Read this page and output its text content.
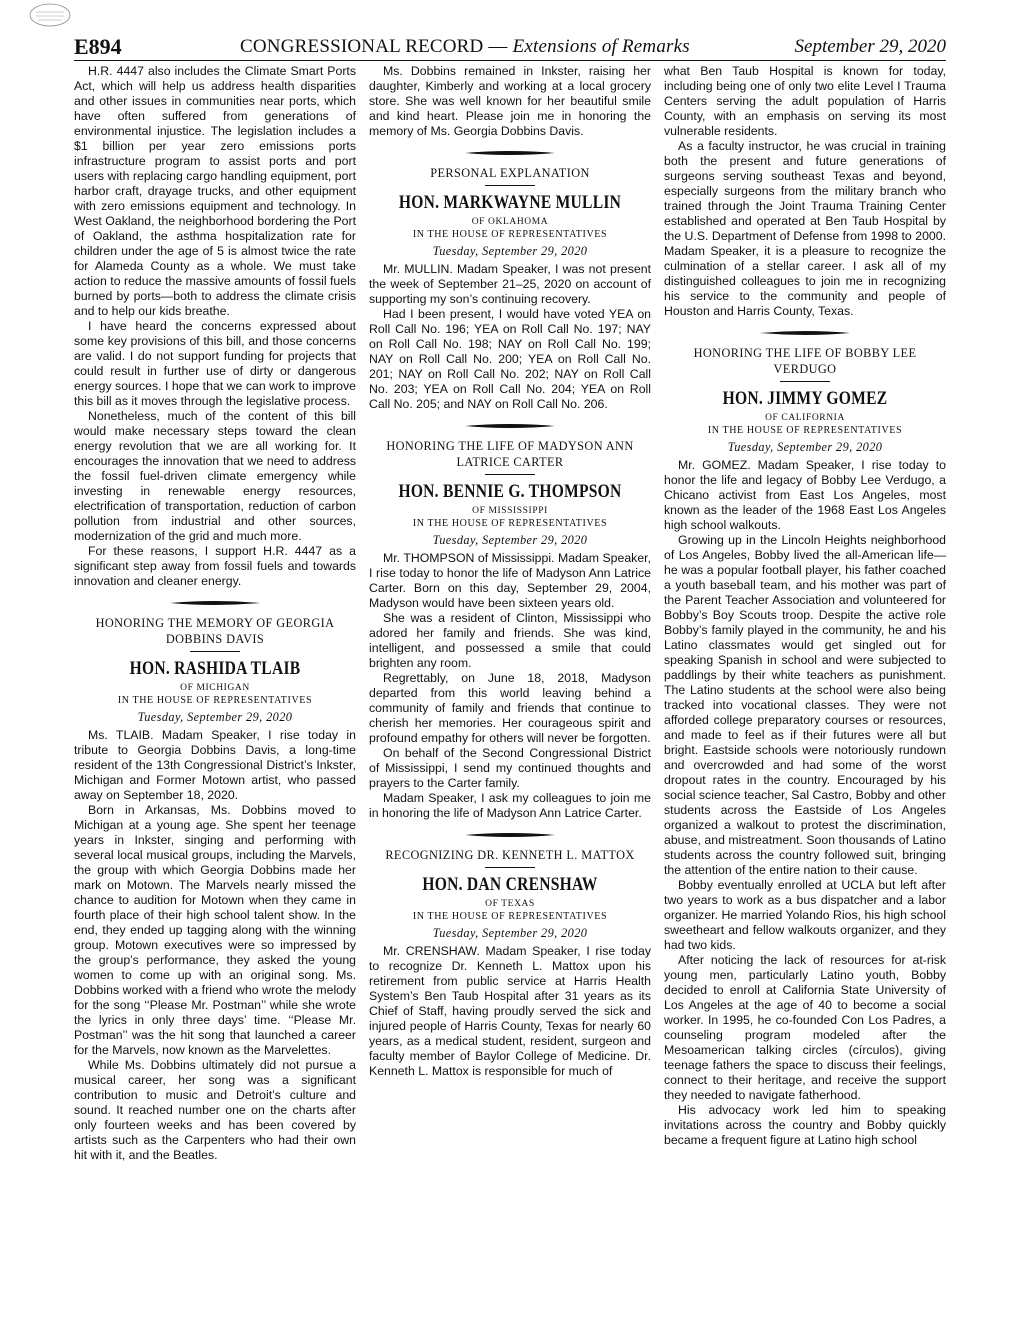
E894	CONGRESSIONAL RECORD — Extensions of Remarks	September 29, 2020

H.R. 4447 also includes the Climate Smart Ports Act, which will help us address health disparities and other issues in communities near ports, which have often suffered from generations of environmental injustice. The legislation includes a $1 billion per year zero emissions ports infrastructure program to assist ports and port users with replacing cargo handling equipment, port harbor craft, drayage trucks, and other equipment with zero emissions equipment and technology. In West Oakland, the neighborhood bordering the Port of Oakland, the asthma hospitalization rate for children under the age of 5 is almost twice the rate for Alameda County as a whole. We must take action to reduce the massive amounts of fossil fuels burned by ports—both to address the climate crisis and to help our kids breathe.

I have heard the concerns expressed about some key provisions of this bill, and those concerns are valid. I do not support funding for projects that could result in further use of dirty or dangerous energy sources. I hope that we can work to improve this bill as it moves through the legislative process.

Nonetheless, much of the content of this bill would make necessary steps toward the clean energy revolution that we are all working for. It encourages the innovation that we need to address the fossil fuel-driven climate emergency while investing in renewable energy resources, electrification of transportation, reduction of carbon pollution from industrial and other sources, modernization of the grid and much more.

For these reasons, I support H.R. 4447 as a significant step away from fossil fuels and towards innovation and cleaner energy.

HONORING THE MEMORY OF GEORGIA DOBBINS DAVIS
HON. RASHIDA TLAIB
OF MICHIGAN
IN THE HOUSE OF REPRESENTATIVES
Tuesday, September 29, 2020

Ms. TLAIB. Madam Speaker, I rise today in tribute to Georgia Dobbins Davis, a long-time resident of the 13th Congressional District’s Inkster, Michigan and Former Motown artist, who passed away on September 18, 2020.

Born in Arkansas, Ms. Dobbins moved to Michigan at a young age. She spent her teenage years in Inkster, singing and performing with several local musical groups, including the Marvels, the group with which Georgia Dobbins made her mark on Motown. The Marvels nearly missed the chance to audition for Motown when they came in fourth place of their high school talent show. In the end, they ended up tagging along with the winning group. Motown executives were so impressed by the group’s performance, they asked the young women to come up with an original song. Ms. Dobbins worked with a friend who wrote the melody for the song ‘‘Please Mr. Postman’’ while she wrote the lyrics in only three days’ time. ‘‘Please Mr. Postman’’ was the hit song that launched a career for the Marvels, now known as the Marvelettes.

While Ms. Dobbins ultimately did not pursue a musical career, her song was a significant contribution to music and Detroit’s culture and sound. It reached number one on the charts after only fourteen weeks and has been covered by artists such as the Carpenters who had their own hit with it, and the Beatles.

Ms. Dobbins remained in Inkster, raising her daughter, Kimberly and working at a local grocery store. She was well known for her beautiful smile and kind heart. Please join me in honoring the memory of Ms. Georgia Dobbins Davis.

PERSONAL EXPLANATION
HON. MARKWAYNE MULLIN
OF OKLAHOMA
IN THE HOUSE OF REPRESENTATIVES
Tuesday, September 29, 2020

Mr. MULLIN. Madam Speaker, I was not present the week of September 21–25, 2020 on account of supporting my son’s continuing recovery.

Had I been present, I would have voted YEA on Roll Call No. 196; YEA on Roll Call No. 197; NAY on Roll Call No. 198; NAY on Roll Call No. 199; NAY on Roll Call No. 200; YEA on Roll Call No. 201; NAY on Roll Call No. 202; NAY on Roll Call No. 203; YEA on Roll Call No. 204; YEA on Roll Call No. 205; and NAY on Roll Call No. 206.

HONORING THE LIFE OF MADYSON ANN LATRICE CARTER
HON. BENNIE G. THOMPSON
OF MISSISSIPPI
IN THE HOUSE OF REPRESENTATIVES
Tuesday, September 29, 2020

Mr. THOMPSON of Mississippi. Madam Speaker, I rise today to honor the life of Madyson Ann Latrice Carter. Born on this day, September 29, 2004, Madyson would have been sixteen years old.

She was a resident of Clinton, Mississippi who adored her family and friends. She was kind, intelligent, and possessed a smile that could brighten any room.

Regrettably, on June 18, 2018, Madyson departed from this world leaving behind a community of family and friends that continue to cherish her memories. Her courageous spirit and profound empathy for others will never be forgotten.

On behalf of the Second Congressional District of Mississippi, I send my continued thoughts and prayers to the Carter family.

Madam Speaker, I ask my colleagues to join me in honoring the life of Madyson Ann Latrice Carter.

RECOGNIZING DR. KENNETH L. MATTOX
HON. DAN CRENSHAW
OF TEXAS
IN THE HOUSE OF REPRESENTATIVES
Tuesday, September 29, 2020

Mr. CRENSHAW. Madam Speaker, I rise today to recognize Dr. Kenneth L. Mattox upon his retirement from public service at Harris Health System’s Ben Taub Hospital after 31 years as its Chief of Staff, having proudly served the sick and injured people of Harris County, Texas for nearly 60 years, as a medical student, resident, surgeon and faculty member of Baylor College of Medicine. Dr. Kenneth L. Mattox is responsible for much of

what Ben Taub Hospital is known for today, including being one of only two elite Level I Trauma Centers serving the adult population of Harris County, with an emphasis on serving its most vulnerable residents.

As a faculty instructor, he was crucial in training both the present and future generations of surgeons serving southeast Texas and beyond, especially surgeons from the military branch who trained through the Joint Trauma Training Center established and operated at Ben Taub Hospital by the U.S. Department of Defense from 1998 to 2000. Madam Speaker, it is a pleasure to recognize the culmination of a stellar career. I ask all of my distinguished colleagues to join me in recognizing his service to the community and people of Houston and Harris County, Texas.

HONORING THE LIFE OF BOBBY LEE VERDUGO
HON. JIMMY GOMEZ
OF CALIFORNIA
IN THE HOUSE OF REPRESENTATIVES
Tuesday, September 29, 2020

Mr. GOMEZ. Madam Speaker, I rise today to honor the life and legacy of Bobby Lee Verdugo, a Chicano activist from East Los Angeles, most known as the leader of the 1968 East Los Angeles high school walkouts.

Growing up in the Lincoln Heights neighborhood of Los Angeles, Bobby lived the all-American life—he was a popular football player, his father coached a youth baseball team, and his mother was part of the Parent Teacher Association and volunteered for Bobby’s Boy Scouts troop. Despite the active role Bobby’s family played in the community, he and his Latino classmates would get singled out for speaking Spanish in school and were subjected to paddlings by their white teachers as punishment. The Latino students at the school were also being tracked into vocational classes. They were not afforded college preparatory courses or resources, and made to feel as if their futures were all but bright. Eastside schools were notoriously rundown and overcrowded and had some of the worst dropout rates in the country. Encouraged by his social science teacher, Sal Castro, Bobby and other students across the Eastside of Los Angeles organized a walkout to protest the discrimination, abuse, and mistreatment. Soon thousands of Latino students across the country followed suit, bringing the attention of the entire nation to their cause.

Bobby eventually enrolled at UCLA but left after two years to work as a bus dispatcher and a labor organizer. He married Yolando Rios, his high school sweetheart and fellow walkouts organizer, and they had two kids.

After noticing the lack of resources for at-risk young men, particularly Latino youth, Bobby decided to enroll at California State University of Los Angeles at the age of 40 to become a social worker. In 1995, he co-founded Con Los Padres, a counseling program modeled after the Mesoamerican talking circles (círculos), giving teenage fathers the space to discuss their feelings, connect to their heritage, and receive the support they needed to navigate fatherhood.

His advocacy work led him to speaking invitations across the country and Bobby quickly became a frequent figure at Latino high school
